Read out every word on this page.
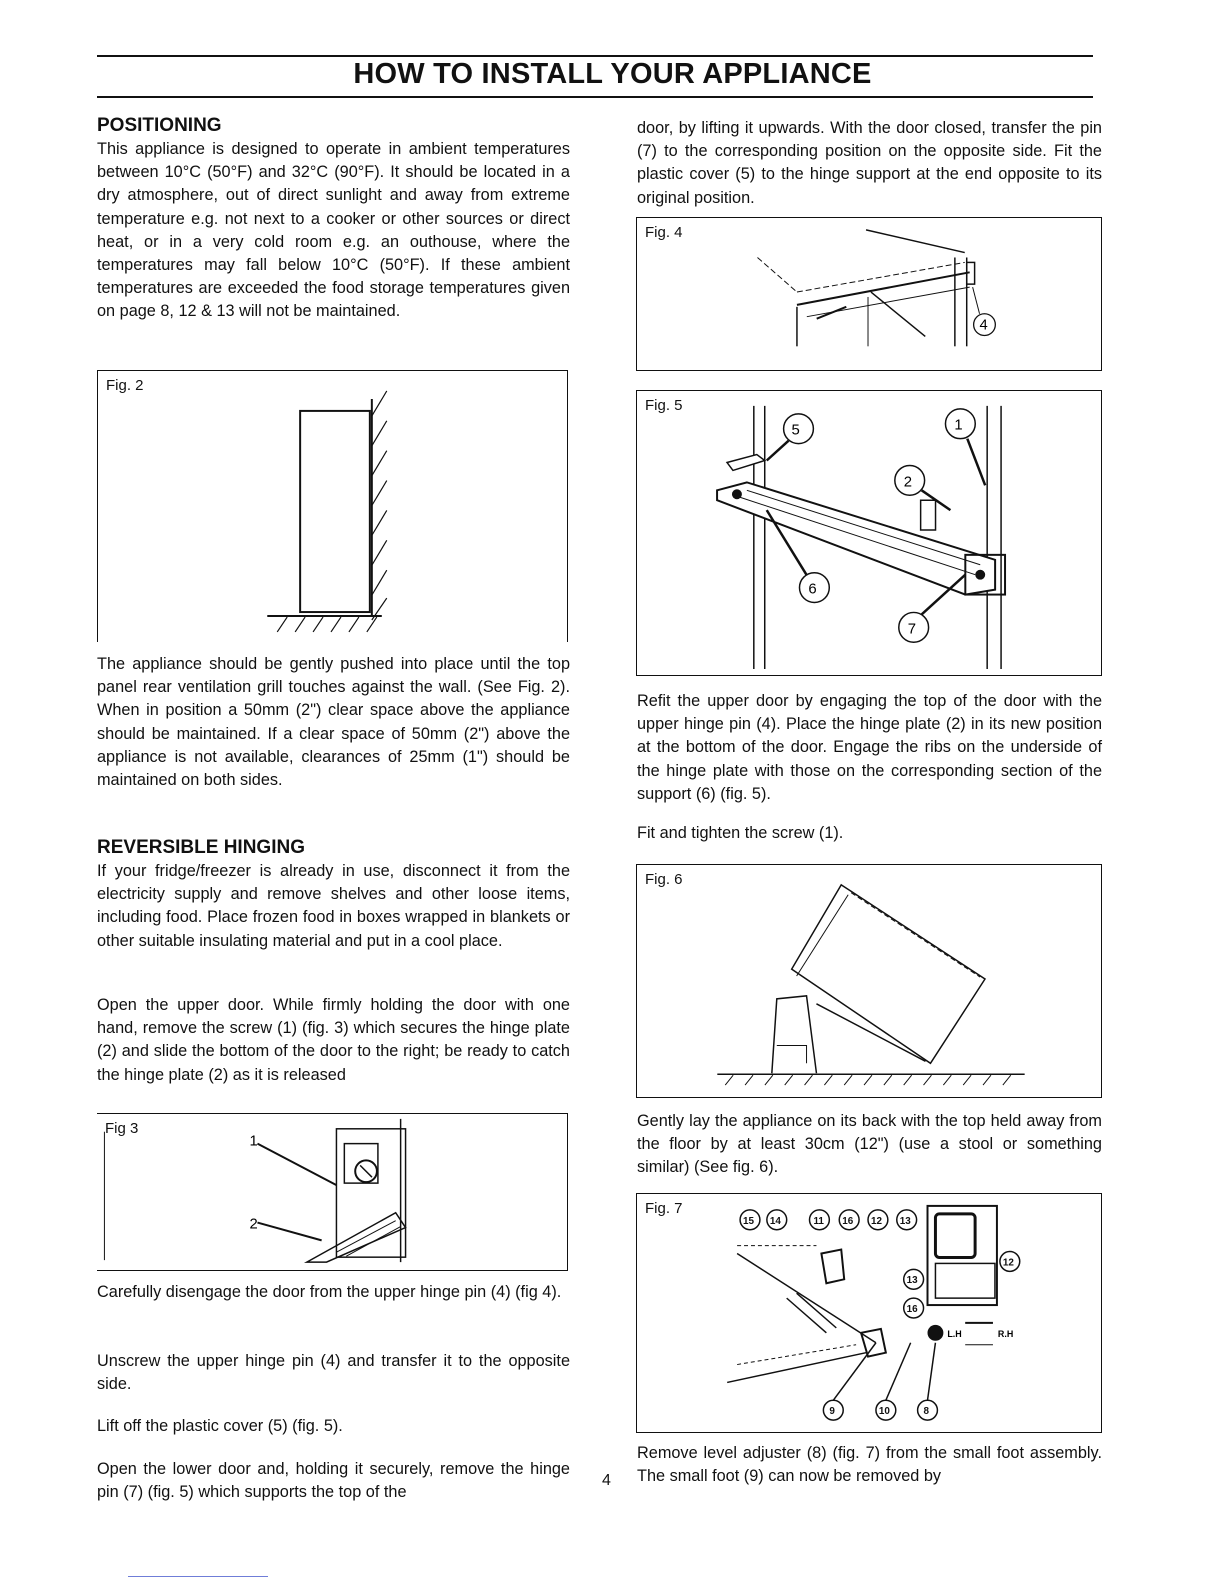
HOW TO INSTALL YOUR APPLIANCE
POSITIONING

This appliance is designed to operate in ambient temperatures between 10°C (50°F) and 32°C (90°F). It should be located in a dry atmosphere, out of direct sunlight and away from extreme temperature e.g. not next to a cooker or other sources or direct heat, or in a very cold room e.g. an outhouse, where the temperatures may fall below 10°C (50°F). If these ambient temperatures are exceeded the food storage temperatures given on page 8, 12 & 13 will not be maintained.

Fig. 2

The appliance should be gently pushed into place until the top panel rear ventilation grill touches against the wall. (See Fig. 2). When in position a 50mm (2") clear space above the appliance should be maintained. If a clear space of 50mm (2") above the appliance is not available, clearances of 25mm (1") should be maintained on both sides.

REVERSIBLE HINGING

If your fridge/freezer is already in use, disconnect it from the electricity supply and remove shelves and other loose items, including food. Place frozen food in boxes wrapped in blankets or other suitable insulating material and put in a cool place.

Open the upper door. While firmly holding the door with one hand, remove the screw (1) (fig. 3) which secures the hinge plate (2) and slide the bottom of the door to the right; be ready to catch the hinge plate (2) as it is released

Fig 3
1
2

Carefully disengage the door from the upper hinge pin (4) (fig 4).

Unscrew the upper hinge pin (4) and transfer it to the opposite side.

Lift off the plastic cover (5) (fig. 5).

Open the lower door and, holding it securely, remove the hinge pin (7) (fig. 5) which supports the top of the

4

door, by lifting it upwards. With the door closed, transfer the pin (7) to the corresponding position on the opposite side. Fit the plastic cover (5) to the hinge support at the end opposite to its original position.

Fig. 4
4
Fig. 5
5	1
2
6
7

Refit the upper door by engaging the top of the door with the upper hinge pin (4). Place the hinge plate (2) in its new position at the bottom of the door. Engage the ribs on the underside of the hinge plate with those on the corresponding section of the support (6) (fig. 5).

Fit and tighten the screw (1).

Fig. 6

Gently lay the appliance on its back with the top held away from the floor by at least 30cm (12") (use a stool or something similar) (See fig. 6).

Fig. 7
15 14	11 16 12 13
12
13
16
9	10	8
L.H	R.H

Remove level adjuster (8) (fig. 7) from the small foot assembly. The small foot (9) can now be removed by
